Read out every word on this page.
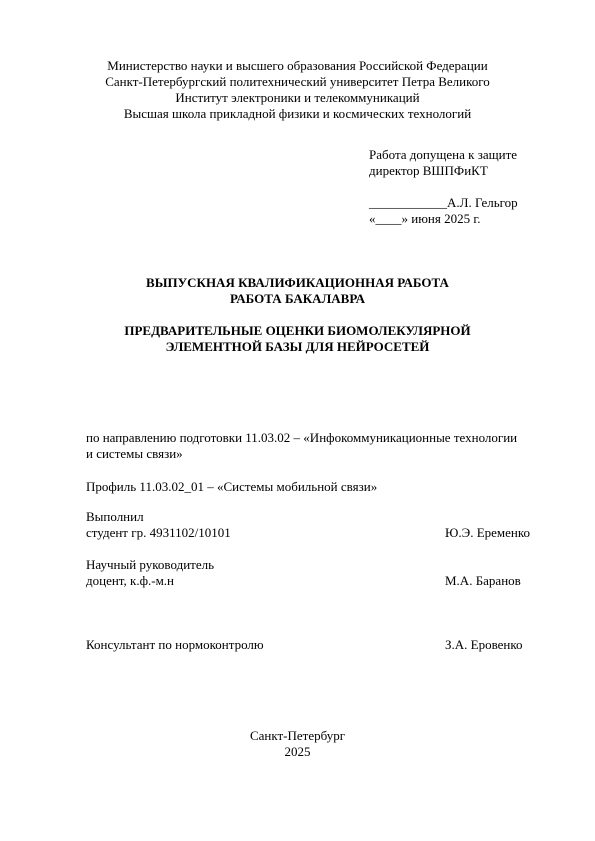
Министерство науки и высшего образования Российской Федерации
Санкт-Петербургский политехнический университет Петра Великого
Институт электроники и телекоммуникаций
Высшая школа прикладной физики и космических технологий
Работа допущена к защите
директор ВШПФиКТ
____________А.Л. Гельгор
«____» июня 2025 г.
ВЫПУСКНАЯ КВАЛИФИКАЦИОННАЯ РАБОТА
РАБОТА БАКАЛАВРА
ПРЕДВАРИТЕЛЬНЫЕ ОЦЕНКИ БИОМОЛЕКУЛЯРНОЙ
ЭЛЕМЕНТНОЙ БАЗЫ ДЛЯ НЕЙРОСЕТЕЙ
по направлению подготовки 11.03.02 – «Инфокоммуникационные технологии
и системы связи»
Профиль 11.03.02_01 – «Системы мобильной связи»
Выполнил
студент гр. 4931102/10101	Ю.Э. Еременко
Научный руководитель
доцент, к.ф.-м.н	М.А. Баранов
Консультант по нормоконтролю	З.А. Еровенко
Санкт-Петербург
2025
